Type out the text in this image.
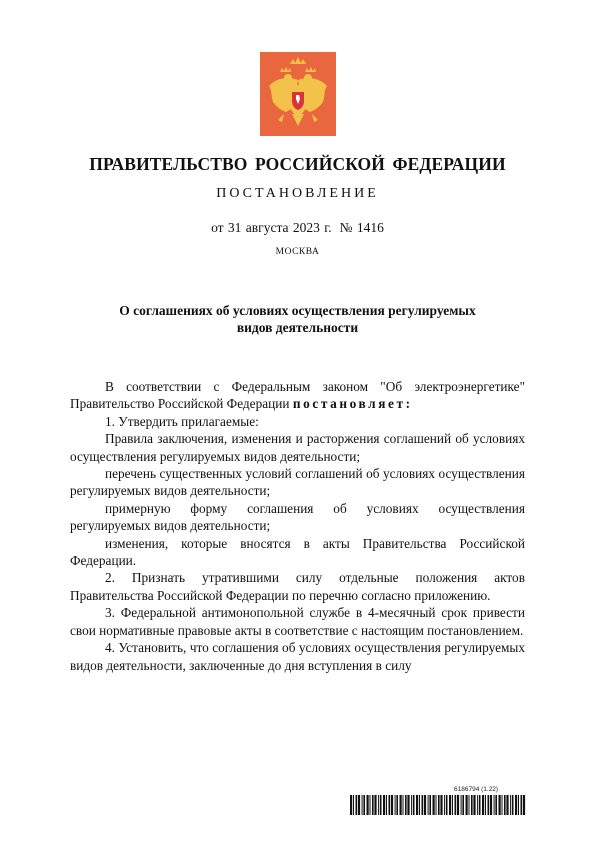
ПРАВИТЕЛЬСТВО РОССИЙСКОЙ ФЕДЕРАЦИИ
ПОСТАНОВЛЕНИЕ
от 31 августа 2023 г. № 1416
МОСКВА
О соглашениях об условиях осуществления регулируемых
видов деятельности

В соответствии с Федеральным законом "Об электроэнергетике" Правительство Российской Федерации постановляет:

1. Утвердить прилагаемые:

Правила заключения, изменения и расторжения соглашений об условиях осуществления регулируемых видов деятельности;

перечень существенных условий соглашений об условиях осуществления регулируемых видов деятельности;

примерную форму соглашения об условиях осуществления регулируемых видов деятельности;

изменения, которые вносятся в акты Правительства Российской Федерации.

2. Признать утратившими силу отдельные положения актов Правительства Российской Федерации по перечню согласно приложению.

3. Федеральной антимонопольной службе в 4-месячный срок привести свои нормативные правовые акты в соответствие с настоящим постановлением.

4. Установить, что соглашения об условиях осуществления регулируемых видов деятельности, заключенные до дня вступления в силу

6186794 (1.22)
